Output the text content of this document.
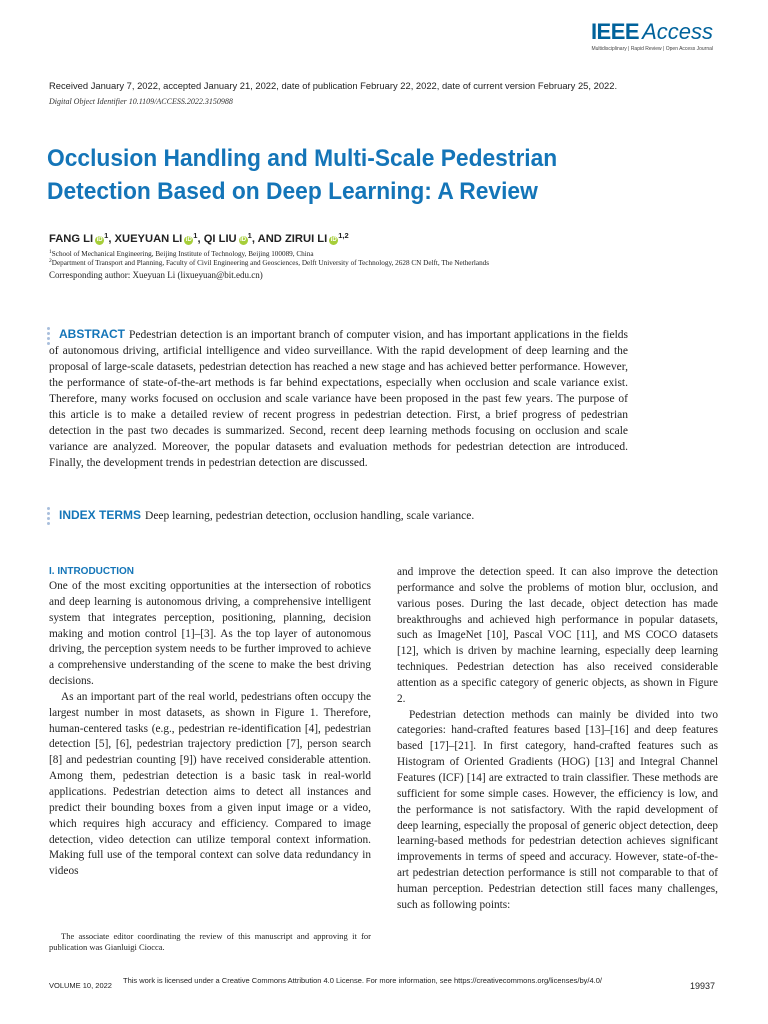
IEEE Access
Multidisciplinary | Rapid Review | Open Access Journal
Received January 7, 2022, accepted January 21, 2022, date of publication February 22, 2022, date of current version February 25, 2022.
Digital Object Identifier 10.1109/ACCESS.2022.3150988
Occlusion Handling and Multi-Scale Pedestrian Detection Based on Deep Learning: A Review
FANG LI iD $^1$, XUEYUAN LI iD $^1$, QI LIU iD $^1$, AND ZIRUI LI iD $^{1,2}$
$^1$School of Mechanical Engineering, Beijing Institute of Technology, Beijing 100089, China
$^2$Department of Transport and Planning, Faculty of Civil Engineering and Geosciences, Delft University of Technology, 2628 CN Delft, The Netherlands
Corresponding author: Xueyuan Li (lixueyuan@bit.edu.cn)
ABSTRACT Pedestrian detection is an important branch of computer vision, and has important applications in the fields of autonomous driving, artificial intelligence and video surveillance. With the rapid development of deep learning and the proposal of large-scale datasets, pedestrian detection has reached a new stage and has achieved better performance. However, the performance of state-of-the-art methods is far behind expectations, especially when occlusion and scale variance exist. Therefore, many works focused on occlusion and scale variance have been proposed in the past few years. The purpose of this article is to make a detailed review of recent progress in pedestrian detection. First, a brief progress of pedestrian detection in the past two decades is summarized. Second, recent deep learning methods focusing on occlusion and scale variance are analyzed. Moreover, the popular datasets and evaluation methods for pedestrian detection are introduced. Finally, the development trends in pedestrian detection are discussed.
INDEX TERMS Deep learning, pedestrian detection, occlusion handling, scale variance.
I. INTRODUCTION

One of the most exciting opportunities at the intersection of robotics and deep learning is autonomous driving, a comprehensive intelligent system that integrates perception, positioning, planning, decision making and motion control [1]–[3]. As the top layer of autonomous driving, the perception system needs to be further improved to achieve a comprehensive understanding of the scene to make the best driving decisions.

As an important part of the real world, pedestrians often occupy the largest number in most datasets, as shown in Figure 1. Therefore, human-centered tasks (e.g., pedestrian re-identification [4], pedestrian detection [5], [6], pedestrian trajectory prediction [7], person search [8] and pedestrian counting [9]) have received considerable attention. Among them, pedestrian detection is a basic task in real-world applications. Pedestrian detection aims to detect all instances and predict their bounding boxes from a given input image or a video, which requires high accuracy and efficiency. Compared to image detection, video detection can utilize temporal context information. Making full use of the temporal context can solve data redundancy in videos

and improve the detection speed. It can also improve the detection performance and solve the problems of motion blur, occlusion, and various poses. During the last decade, object detection has made breakthroughs and achieved high performance in popular datasets, such as ImageNet [10], Pascal VOC [11], and MS COCO datasets [12], which is driven by machine learning, especially deep learning techniques. Pedestrian detection has also received considerable attention as a specific category of generic objects, as shown in Figure 2.

Pedestrian detection methods can mainly be divided into two categories: hand-crafted features based [13]–[16] and deep features based [17]–[21]. In first category, hand-crafted features such as Histogram of Oriented Gradients (HOG) [13] and Integral Channel Features (ICF) [14] are extracted to train classifier. These methods are sufficient for some simple cases. However, the efficiency is low, and the performance is not satisfactory. With the rapid development of deep learning, especially the proposal of generic object detection, deep learning-based methods for pedestrian detection achieves significant improvements in terms of speed and accuracy. However, state-of-the-art pedestrian detection performance is still not comparable to that of human perception. Pedestrian detection still faces many challenges, such as following points:

The associate editor coordinating the review of this manuscript and approving it for publication was Gianluigi Ciocca.
VOLUME 10, 2022
This work is licensed under a Creative Commons Attribution 4.0 License. For more information, see https://creativecommons.org/licenses/by/4.0/
19937
